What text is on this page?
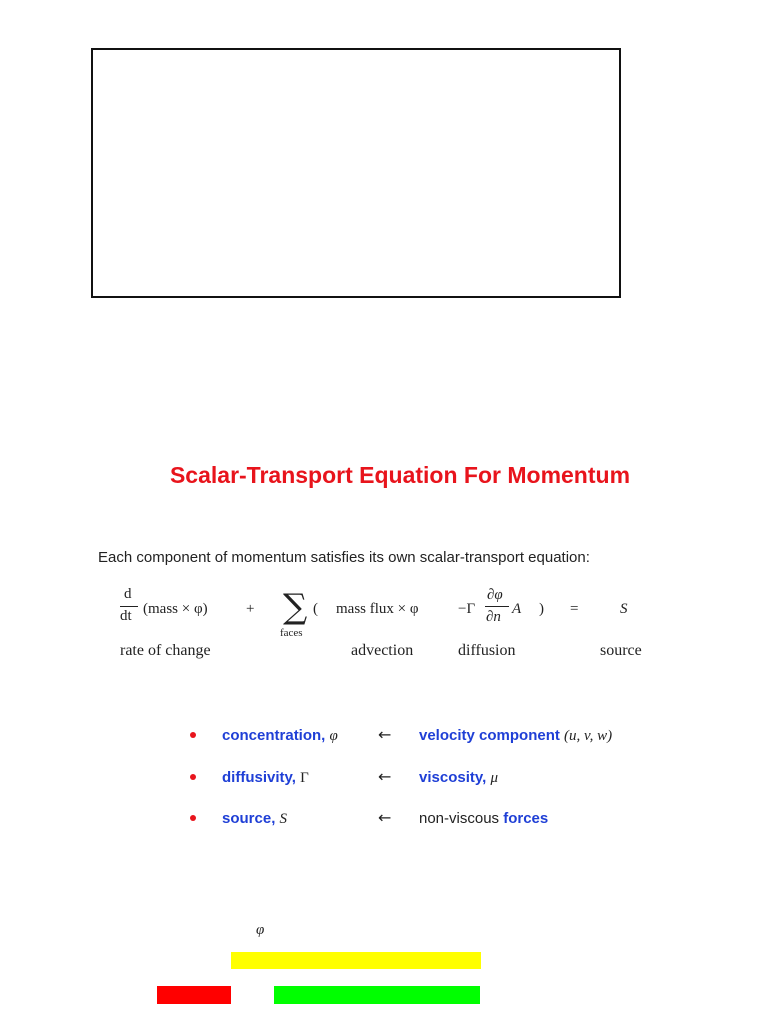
Scalar-Transport Equation For Momentum
Each component of momentum satisfies its own scalar-transport equation:
d
dt (mass × φ)	+ ∑
faces
( mass flux × φ	−Γ
∂φ
∂n A ) =	S
rate of change	advection	diffusion	source
concentration, φ	← velocity component (u, v, w)
diffusivity, Γ	← viscosity, μ
source, S	← non-viscous forces
φ
